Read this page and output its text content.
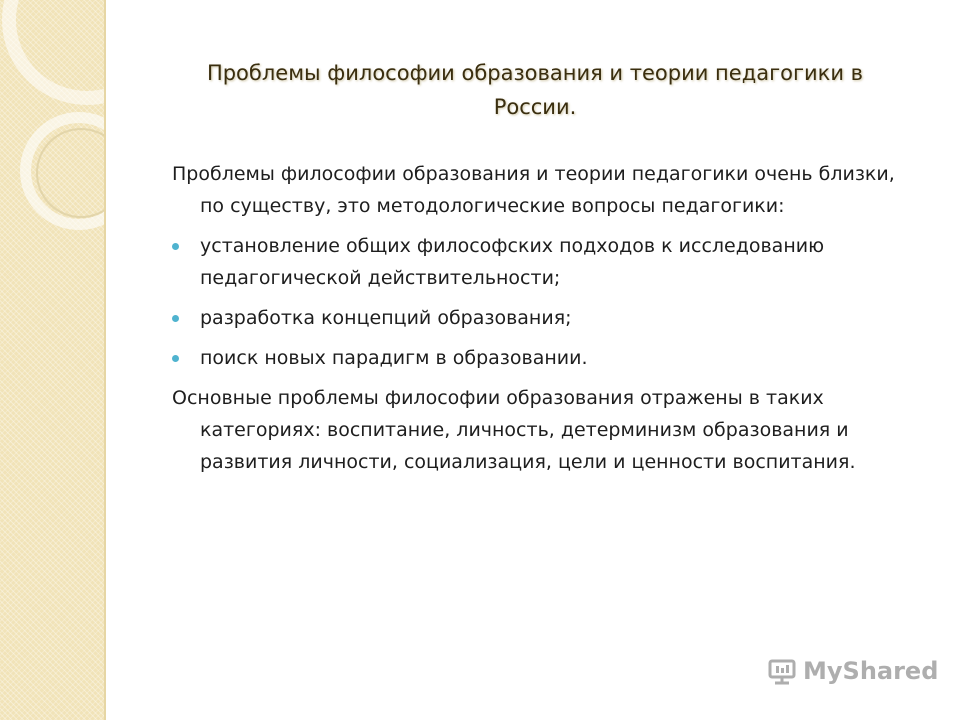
Проблемы философии образования и теории педагогики в России.
Проблемы философии образования и теории педагогики очень близки, по существу, это методологические вопросы педагогики:
установление общих философских подходов к исследованию педагогической действительности;
разработка концепций образования;
поиск новых парадигм в образовании.
Основные проблемы философии образования отражены в таких категориях: воспитание, личность, детерминизм образования и развития личности, социализация, цели и ценности воспитания.
MyShared
